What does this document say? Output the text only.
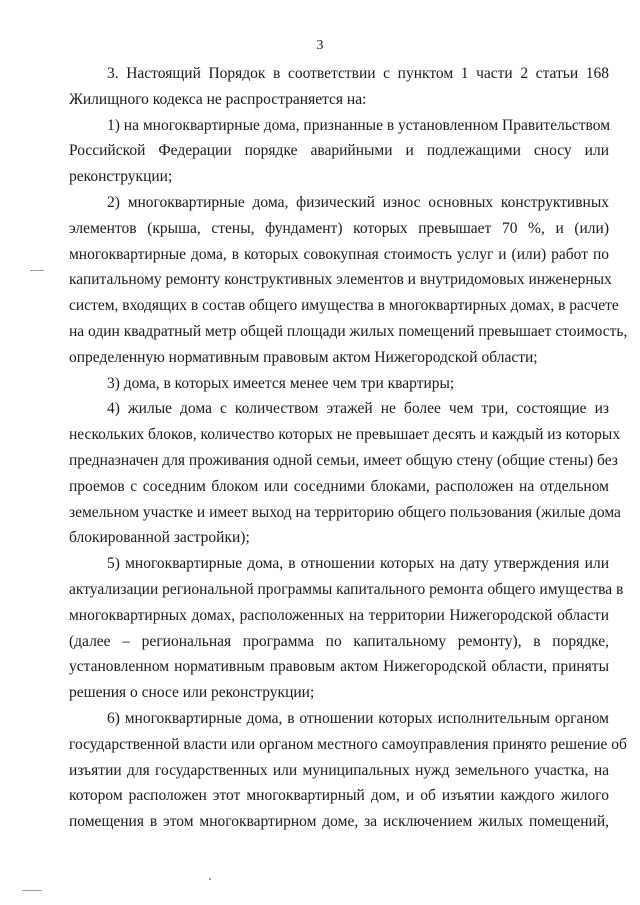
3
3. Настоящий Порядок в соответствии с пунктом 1 части 2 статьи 168
Жилищного кодекса не распространяется на:
1) на многоквартирные дома, признанные в установленном Правительством
Российской Федерации порядке аварийными и подлежащими сносу или
реконструкции;
2) многоквартирные дома, физический износ основных конструктивных
элементов (крыша, стены, фундамент) которых превышает 70 %, и (или)
многоквартирные дома, в которых совокупная стоимость услуг и (или) работ по
капитальному ремонту конструктивных элементов и внутридомовых инженерных
систем, входящих в состав общего имущества в многоквартирных домах, в расчете
на один квадратный метр общей площади жилых помещений превышает стоимость,
определенную нормативным правовым актом Нижегородской области;
3) дома, в которых имеется менее чем три квартиры;
4) жилые дома с количеством этажей не более чем три, состоящие из
нескольких блоков, количество которых не превышает десять и каждый из которых
предназначен для проживания одной семьи, имеет общую стену (общие стены) без
проемов с соседним блоком или соседними блоками, расположен на отдельном
земельном участке и имеет выход на территорию общего пользования (жилые дома
блокированной застройки);
5) многоквартирные дома, в отношении которых на дату утверждения или
актуализации региональной программы капитального ремонта общего имущества в
многоквартирных домах, расположенных на территории Нижегородской области
(далее – региональная программа по капитальному ремонту), в порядке,
установленном нормативным правовым актом Нижегородской области, приняты
решения о сносе или реконструкции;
6) многоквартирные дома, в отношении которых исполнительным органом
государственной власти или органом местного самоуправления принято решение об
изъятии для государственных или муниципальных нужд земельного участка, на
котором расположен этот многоквартирный дом, и об изъятии каждого жилого
помещения в этом многоквартирном доме, за исключением жилых помещений,
